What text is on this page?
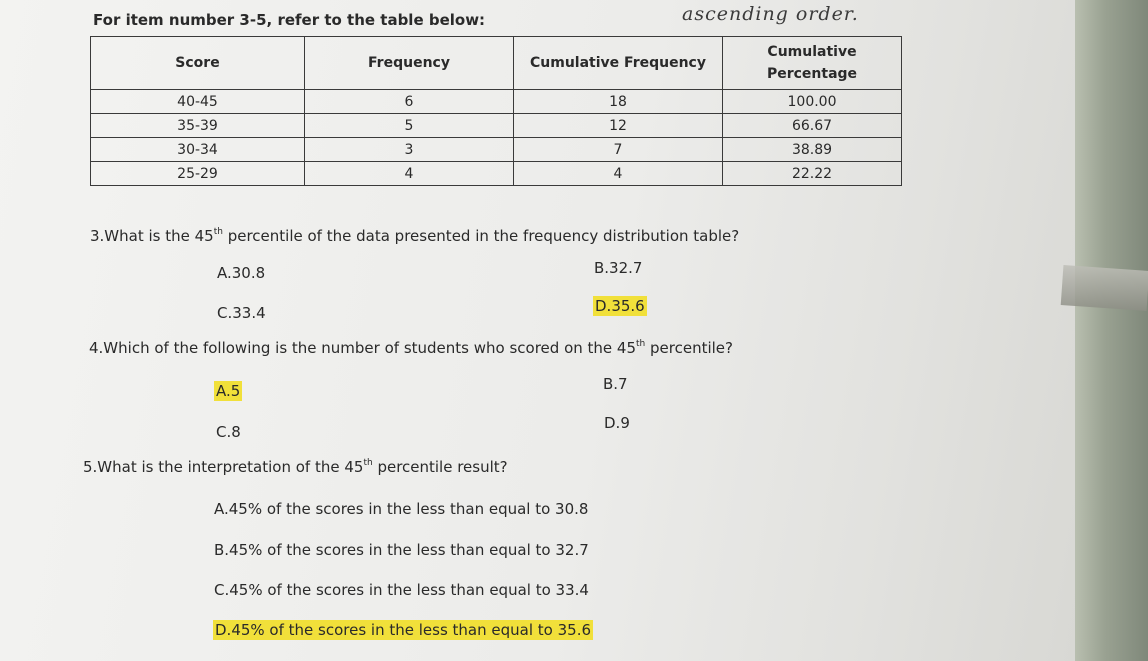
For item number 3-5, refer to the table below:	ascending order.
Score	Frequency	Cumulative Frequency	Cumulative Percentage
40-45	6	18	100.00
35-39	5	12	66.67
30-34	3	7	38.89
25-29	4	4	22.22
3.What is the 45th percentile of the data presented in the frequency distribution table?
A.30.8	B.32.7
C.33.4	D.35.6
4.Which of the following is the number of students who scored on the 45th percentile?
A.5	B.7
C.8	D.9
5.What is the interpretation of the 45th percentile result?
A.45% of the scores in the less than equal to 30.8
B.45% of the scores in the less than equal to 32.7
C.45% of the scores in the less than equal to 33.4
D.45% of the scores in the less than equal to 35.6
